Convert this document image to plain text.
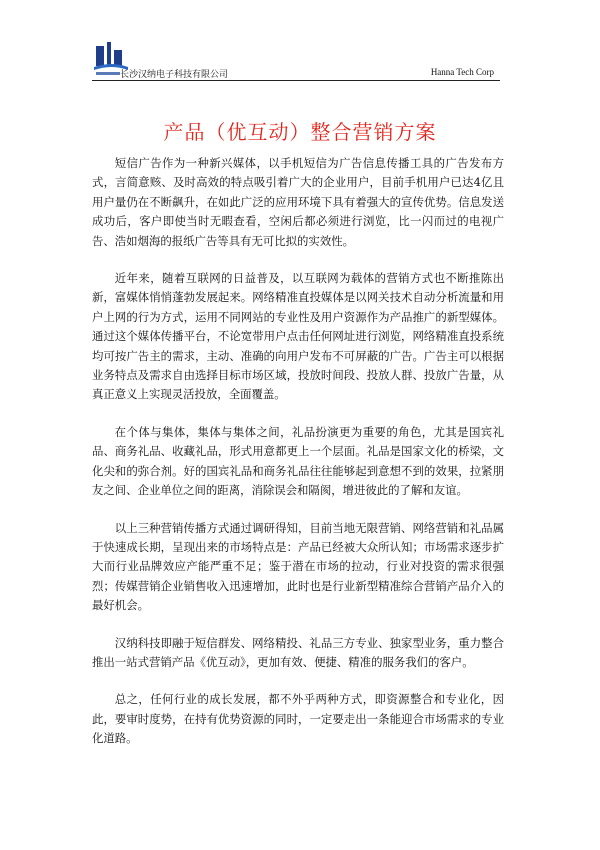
长沙汉纳电子科技有限公司	Hanna Tech Corp
产品（优互动）整合营销方案

短信广告作为一种新兴媒体，以手机短信为广告信息传播工具的广告发布方式，言简意赅、及时高效的特点吸引着广大的企业用户，目前手机用户已达4亿且用户量仍在不断飙升，在如此广泛的应用环境下具有着强大的宣传优势。信息发送成功后，客户即使当时无暇查看，空闲后都必须进行浏览，比一闪而过的电视广告、浩如烟海的报纸广告等具有无可比拟的实效性。

近年来，随着互联网的日益普及，以互联网为载体的营销方式也不断推陈出新，富媒体悄悄蓬勃发展起来。网络精准直投媒体是以网关技术自动分析流量和用户上网的行为方式，运用不同网站的专业性及用户资源作为产品推广的新型媒体。通过这个媒体传播平台，不论宽带用户点击任何网址进行浏览，网络精准直投系统均可按广告主的需求，主动、准确的向用户发布不可屏蔽的广告。广告主可以根据业务特点及需求自由选择目标市场区域，投放时间段、投放人群、投放广告量，从真正意义上实现灵活投放，全面覆盖。

在个体与集体，集体与集体之间，礼品扮演更为重要的角色，尤其是国宾礼品、商务礼品、收藏礼品，形式用意都更上一个层面。礼品是国家文化的桥梁，文化尖和的弥合剂。好的国宾礼品和商务礼品往往能够起到意想不到的效果，拉紧朋友之间、企业单位之间的距离，消除误会和隔阂，增进彼此的了解和友谊。

以上三种营销传播方式通过调研得知，目前当地无限营销、网络营销和礼品属于快速成长期，呈现出来的市场特点是：产品已经被大众所认知；市场需求逐步扩大而行业品牌效应产能严重不足；鉴于潜在市场的拉动，行业对投资的需求很强烈；传媒营销企业销售收入迅速增加，此时也是行业新型精准综合营销产品介入的最好机会。

汉纳科技即融于短信群发、网络精投、礼品三方专业、独家型业务，重力整合推出一站式营销产品《优互动》，更加有效、便捷、精准的服务我们的客户。

总之，任何行业的成长发展，都不外乎两种方式，即资源整合和专业化，因此，要审时度势，在持有优势资源的同时，一定要走出一条能迎合市场需求的专业化道路。
